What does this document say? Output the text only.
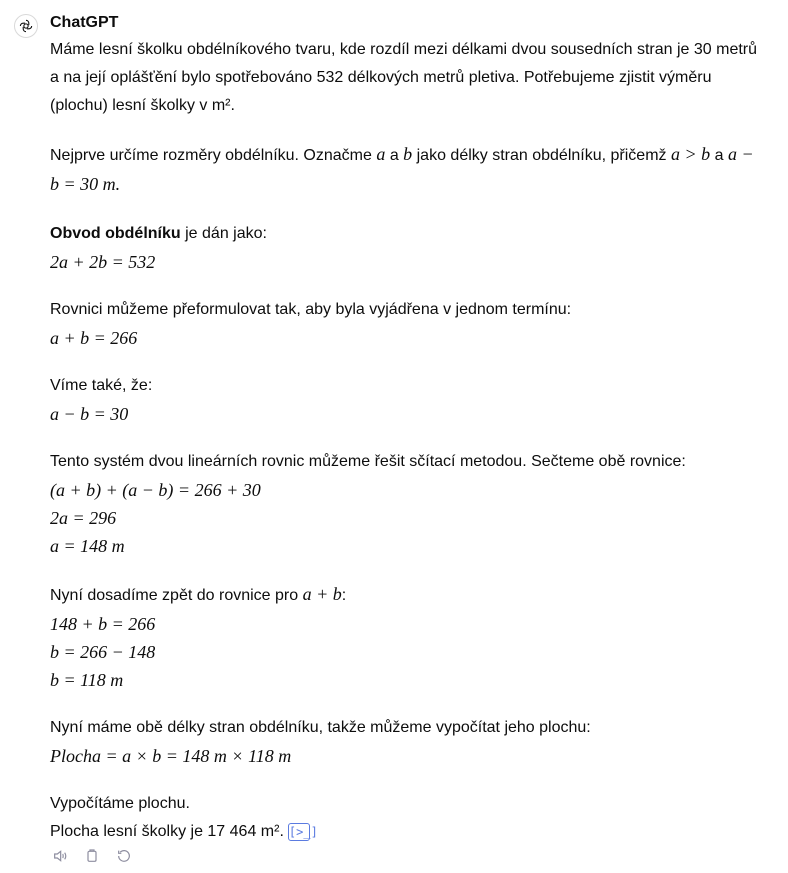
ChatGPT

Máme lesní školku obdélníkového tvaru, kde rozdíl mezi délkami dvou sousedních stran je 30 metrů a na její oplášťění bylo spotřebováno 532 délkových metrů pletiva. Potřebujeme zjistit výměru (plochu) lesní školky v m².

Nejprve určíme rozměry obdélníku. Označme a a b jako délky stran obdélníku, přičemž a > b a a −
b = 30 m.

Obvod obdélníku je dán jako:

2a + 2b = 532

Rovnici můžeme přeformulovat tak, aby byla vyjádřena v jednom termínu:

a + b = 266

Víme také, že:

a − b = 30

Tento systém dvou lineárních rovnic můžeme řešit sčítací metodou. Sečteme obě rovnice:

(a + b) + (a − b) = 266 + 30

2a = 296

a = 148 m

Nyní dosadíme zpět do rovnice pro a + b:

148 + b = 266

b = 266 − 148

b = 118 m

Nyní máme obě délky stran obdélníku, takže můžeme vypočítat jeho plochu:

Plocha = a × b = 148 m × 118 m

Vypočítáme plochu.

Plocha lesní školky je 17 464 m². [>_]
